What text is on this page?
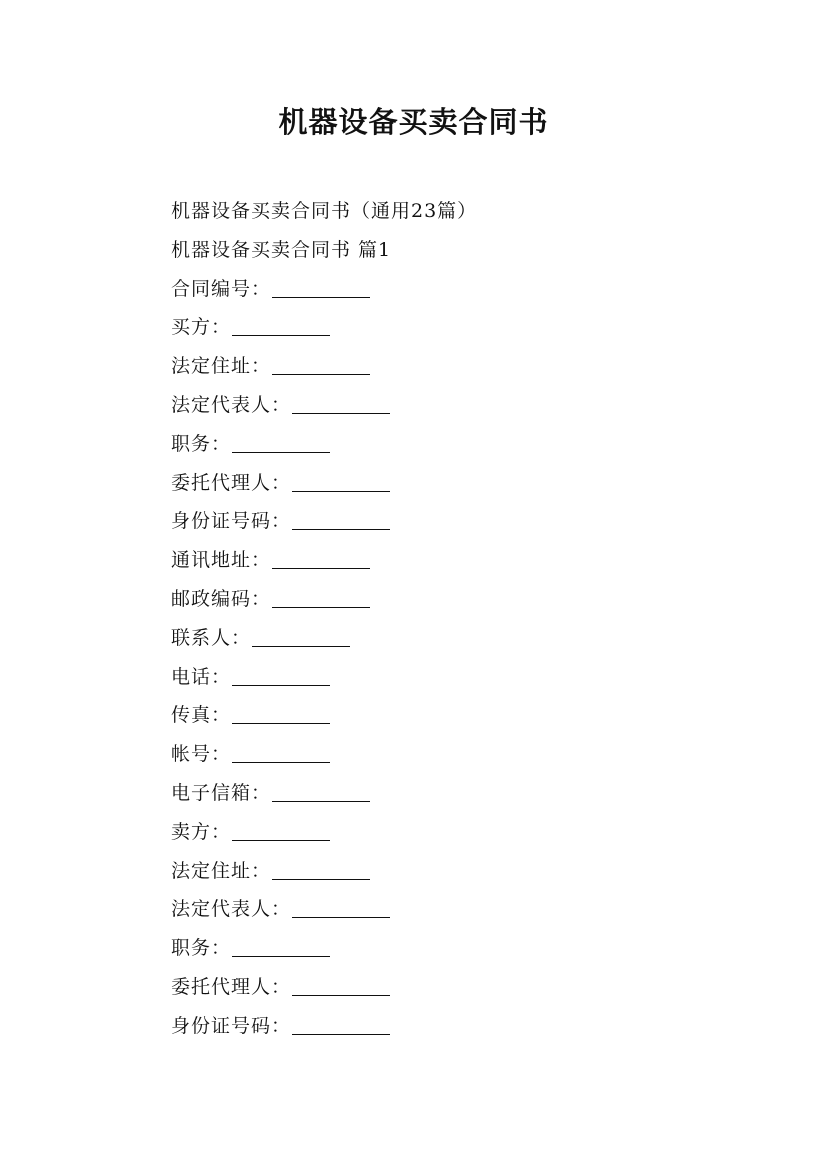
机器设备买卖合同书
机器设备买卖合同书（通用23篇）
机器设备买卖合同书 篇1
合同编号：
买方：
法定住址：
法定代表人：
职务：
委托代理人：
身份证号码：
通讯地址：
邮政编码：
联系人：
电话：
传真：
帐号：
电子信箱：
卖方：
法定住址：
法定代表人：
职务：
委托代理人：
身份证号码：
